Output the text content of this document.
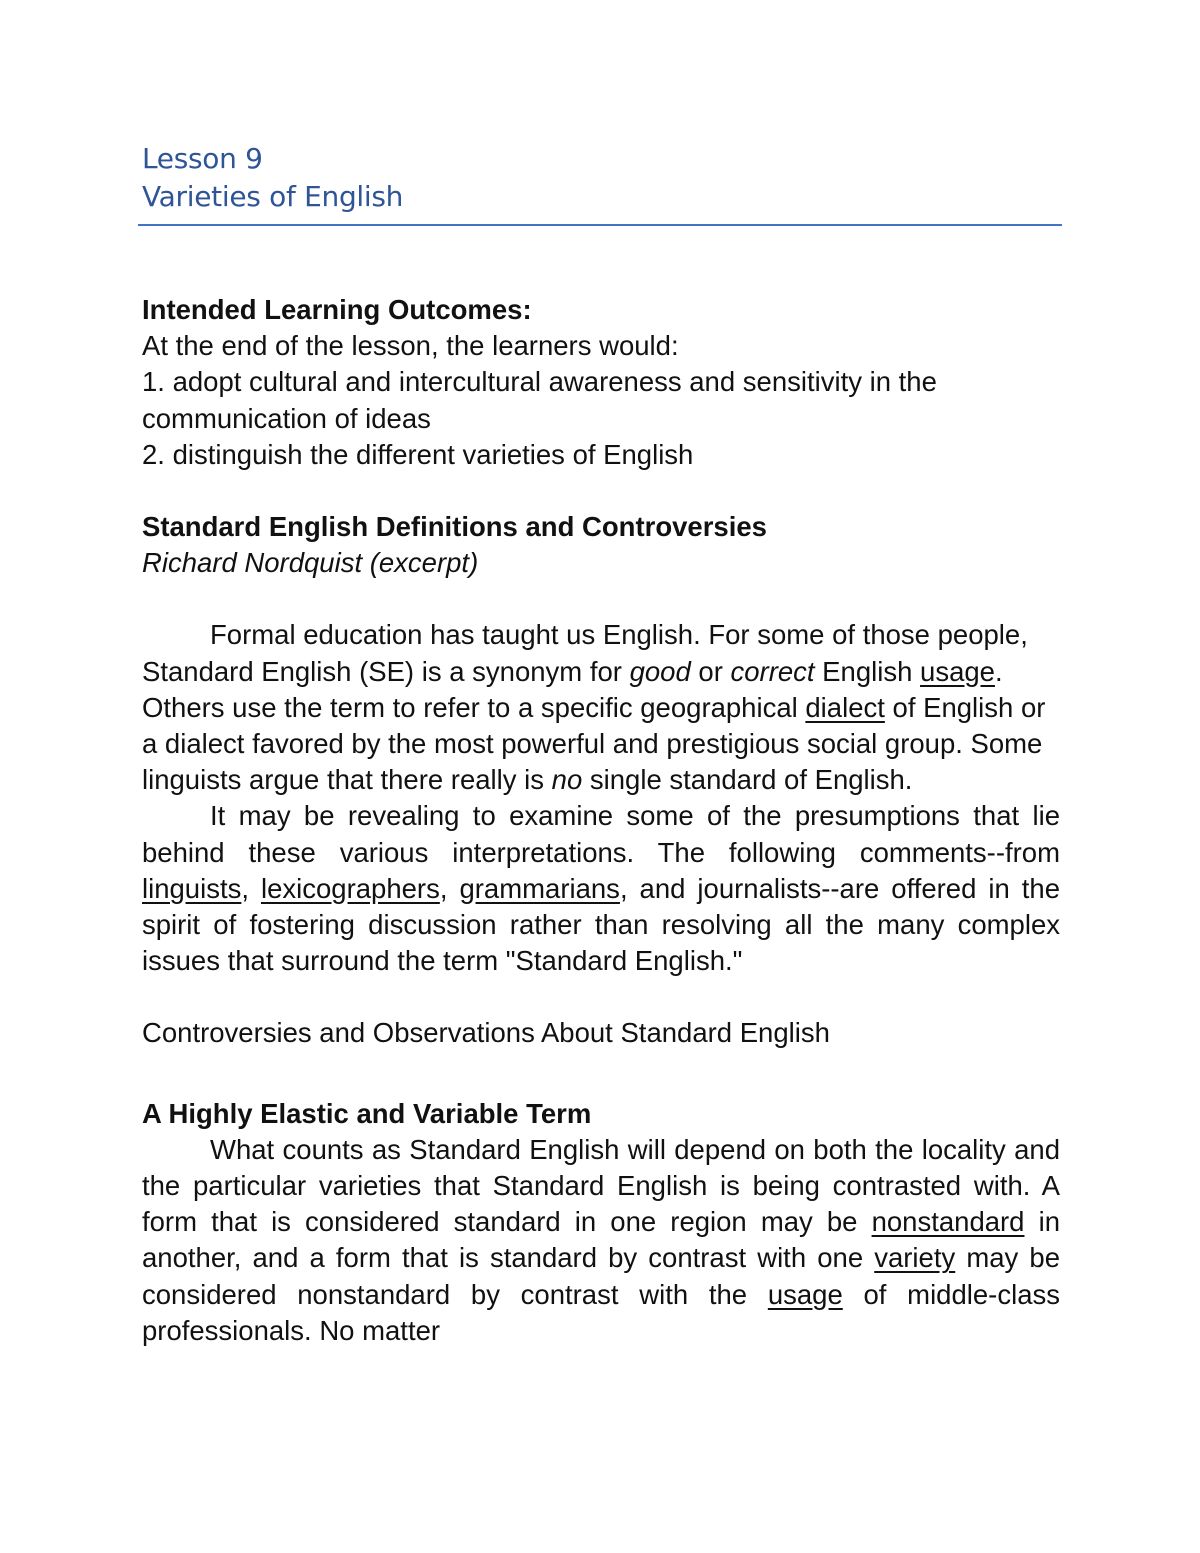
Lesson 9
Varieties of English

Intended Learning Outcomes:

At the end of the lesson, the learners would:

1. adopt cultural and intercultural awareness and sensitivity in the communication of ideas

2. distinguish the different varieties of English

Standard English Definitions and Controversies

Richard Nordquist (excerpt)

Formal education has taught us English. For some of those people, Standard English (SE) is a synonym for good or correct English usage. Others use the term to refer to a specific geographical dialect of English or a dialect favored by the most powerful and prestigious social group. Some linguists argue that there really is no single standard of English.

It may be revealing to examine some of the presumptions that lie behind these various interpretations. The following comments--from linguists, lexicographers, grammarians, and journalists--are offered in the spirit of fostering discussion rather than resolving all the many complex issues that surround the term "Standard English."

Controversies and Observations About Standard English

A Highly Elastic and Variable Term

What counts as Standard English will depend on both the locality and the particular varieties that Standard English is being contrasted with. A form that is considered standard in one region may be nonstandard in another, and a form that is standard by contrast with one variety may be considered nonstandard by contrast with the usage of middle-class professionals. No matter
